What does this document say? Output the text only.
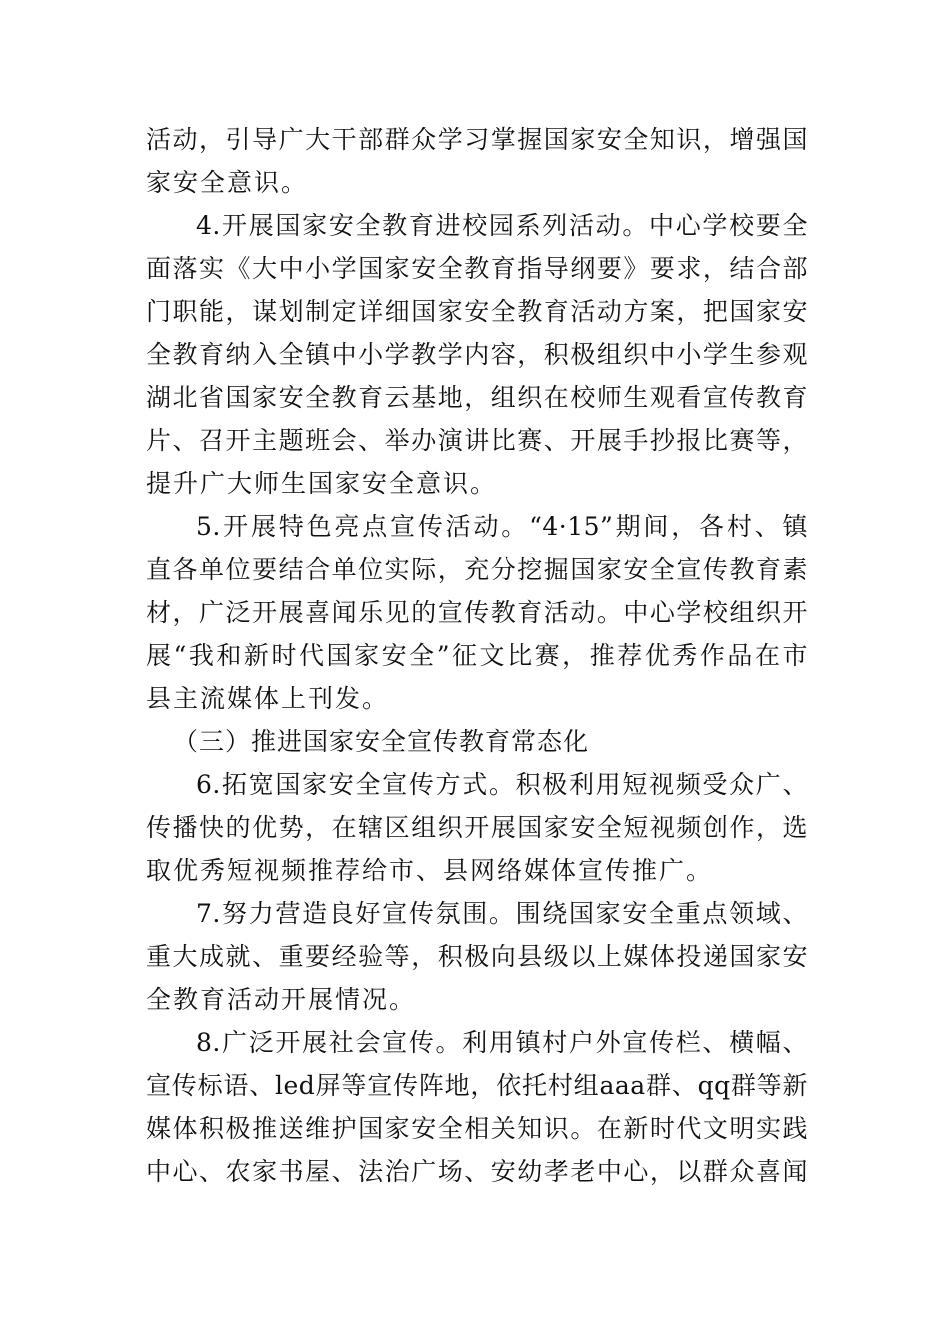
活动，引导广大干部群众学习掌握国家安全知识，增强国
家安全意识。
4.开展国家安全教育进校园系列活动。中心学校要全
面落实《大中小学国家安全教育指导纲要》要求，结合部
门职能，谋划制定详细国家安全教育活动方案，把国家安
全教育纳入全镇中小学教学内容，积极组织中小学生参观
湖北省国家安全教育云基地，组织在校师生观看宣传教育
片、召开主题班会、举办演讲比赛、开展手抄报比赛等，
提升广大师生国家安全意识。
5.开展特色亮点宣传活动。“4·15”期间，各村、镇
直各单位要结合单位实际，充分挖掘国家安全宣传教育素
材，广泛开展喜闻乐见的宣传教育活动。中心学校组织开
展“我和新时代国家安全”征文比赛，推荐优秀作品在市
县主流媒体上刊发。
（三）推进国家安全宣传教育常态化
6.拓宽国家安全宣传方式。积极利用短视频受众广、
传播快的优势，在辖区组织开展国家安全短视频创作，选
取优秀短视频推荐给市、县网络媒体宣传推广。
7.努力营造良好宣传氛围。围绕国家安全重点领域、
重大成就、重要经验等，积极向县级以上媒体投递国家安
全教育活动开展情况。
8.广泛开展社会宣传。利用镇村户外宣传栏、横幅、
宣传标语、led屏等宣传阵地，依托村组aaa群、qq群等新
媒体积极推送维护国家安全相关知识。在新时代文明实践
中心、农家书屋、法治广场、安幼孝老中心，以群众喜闻
